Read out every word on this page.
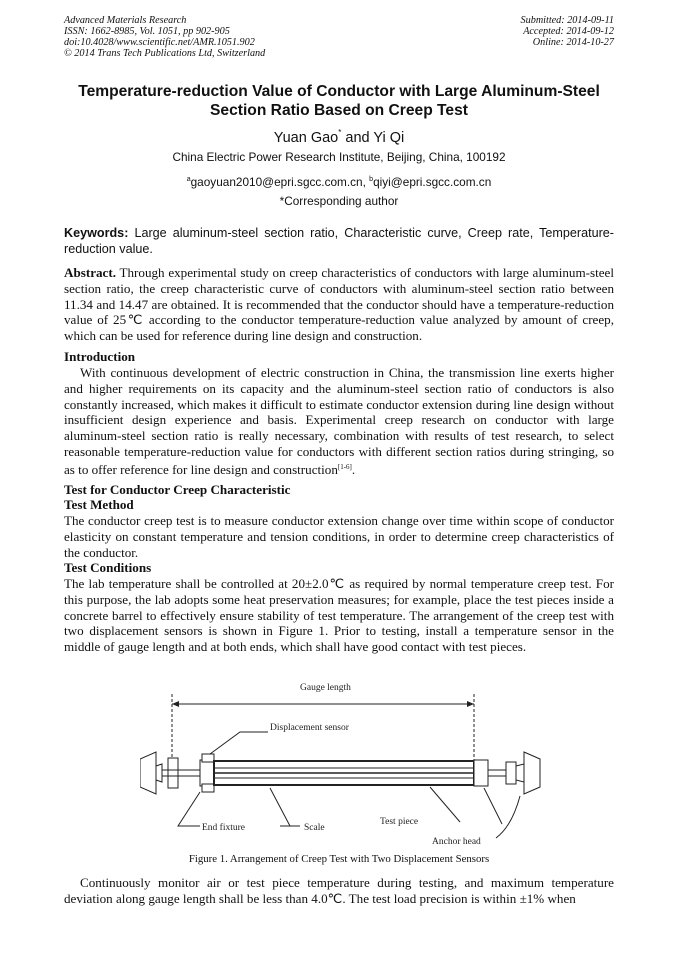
Advanced Materials Research
ISSN: 1662-8985, Vol. 1051, pp 902-905
doi:10.4028/www.scientific.net/AMR.1051.902
© 2014 Trans Tech Publications Ltd, Switzerland
Submitted: 2014-09-11
Accepted: 2014-09-12
Online: 2014-10-27
Temperature-reduction Value of Conductor with Large Aluminum-Steel Section Ratio Based on Creep Test
Yuan Gao* and Yi Qi
China Electric Power Research Institute, Beijing, China, 100192
$^a$gaoyuan2010@epri.sgcc.com.cn, $^b$qiyi@epri.sgcc.com.cn
*Corresponding author
Keywords: Large aluminum-steel section ratio, Characteristic curve, Creep rate, Temperature-reduction value.
Abstract. Through experimental study on creep characteristics of conductors with large aluminum-steel section ratio, the creep characteristic curve of conductors with aluminum-steel section ratio between 11.34 and 14.47 are obtained. It is recommended that the conductor should have a temperature-reduction value of 25℃ according to the conductor temperature-reduction value analyzed by amount of creep, which can be used for reference during line design and construction.
Introduction
With continuous development of electric construction in China, the transmission line exerts higher and higher requirements on its capacity and the aluminum-steel section ratio of conductors is also constantly increased, which makes it difficult to estimate conductor extension during line design without insufficient design experience and basis. Experimental creep research on conductor with large aluminum-steel section ratio is really necessary, combination with results of test research, to select reasonable temperature-reduction value for conductors with different section ratios during stringing, so as to offer reference for line design and construction[1-6].
Test for Conductor Creep Characteristic
Test Method
The conductor creep test is to measure conductor extension change over time within scope of conductor elasticity on constant temperature and tension conditions, in order to determine creep characteristics of the conductor.
Test Conditions
The lab temperature shall be controlled at 20±2.0℃ as required by normal temperature creep test. For this purpose, the lab adopts some heat preservation measures; for example, place the test pieces inside a concrete barrel to effectively ensure stability of test temperature. The arrangement of the creep test with two displacement sensors is shown in Figure 1. Prior to testing, install a temperature sensor in the middle of gauge length and at both ends, which shall have good contact with test pieces.
Gauge length
Displacement sensor
End fixture	Scale
Test piece
Anchor head
Figure 1. Arrangement of Creep Test with Two Displacement Sensors
Continuously monitor air or test piece temperature during testing, and maximum temperature deviation along gauge length shall be less than 4.0℃. The test load precision is within ±1% when
